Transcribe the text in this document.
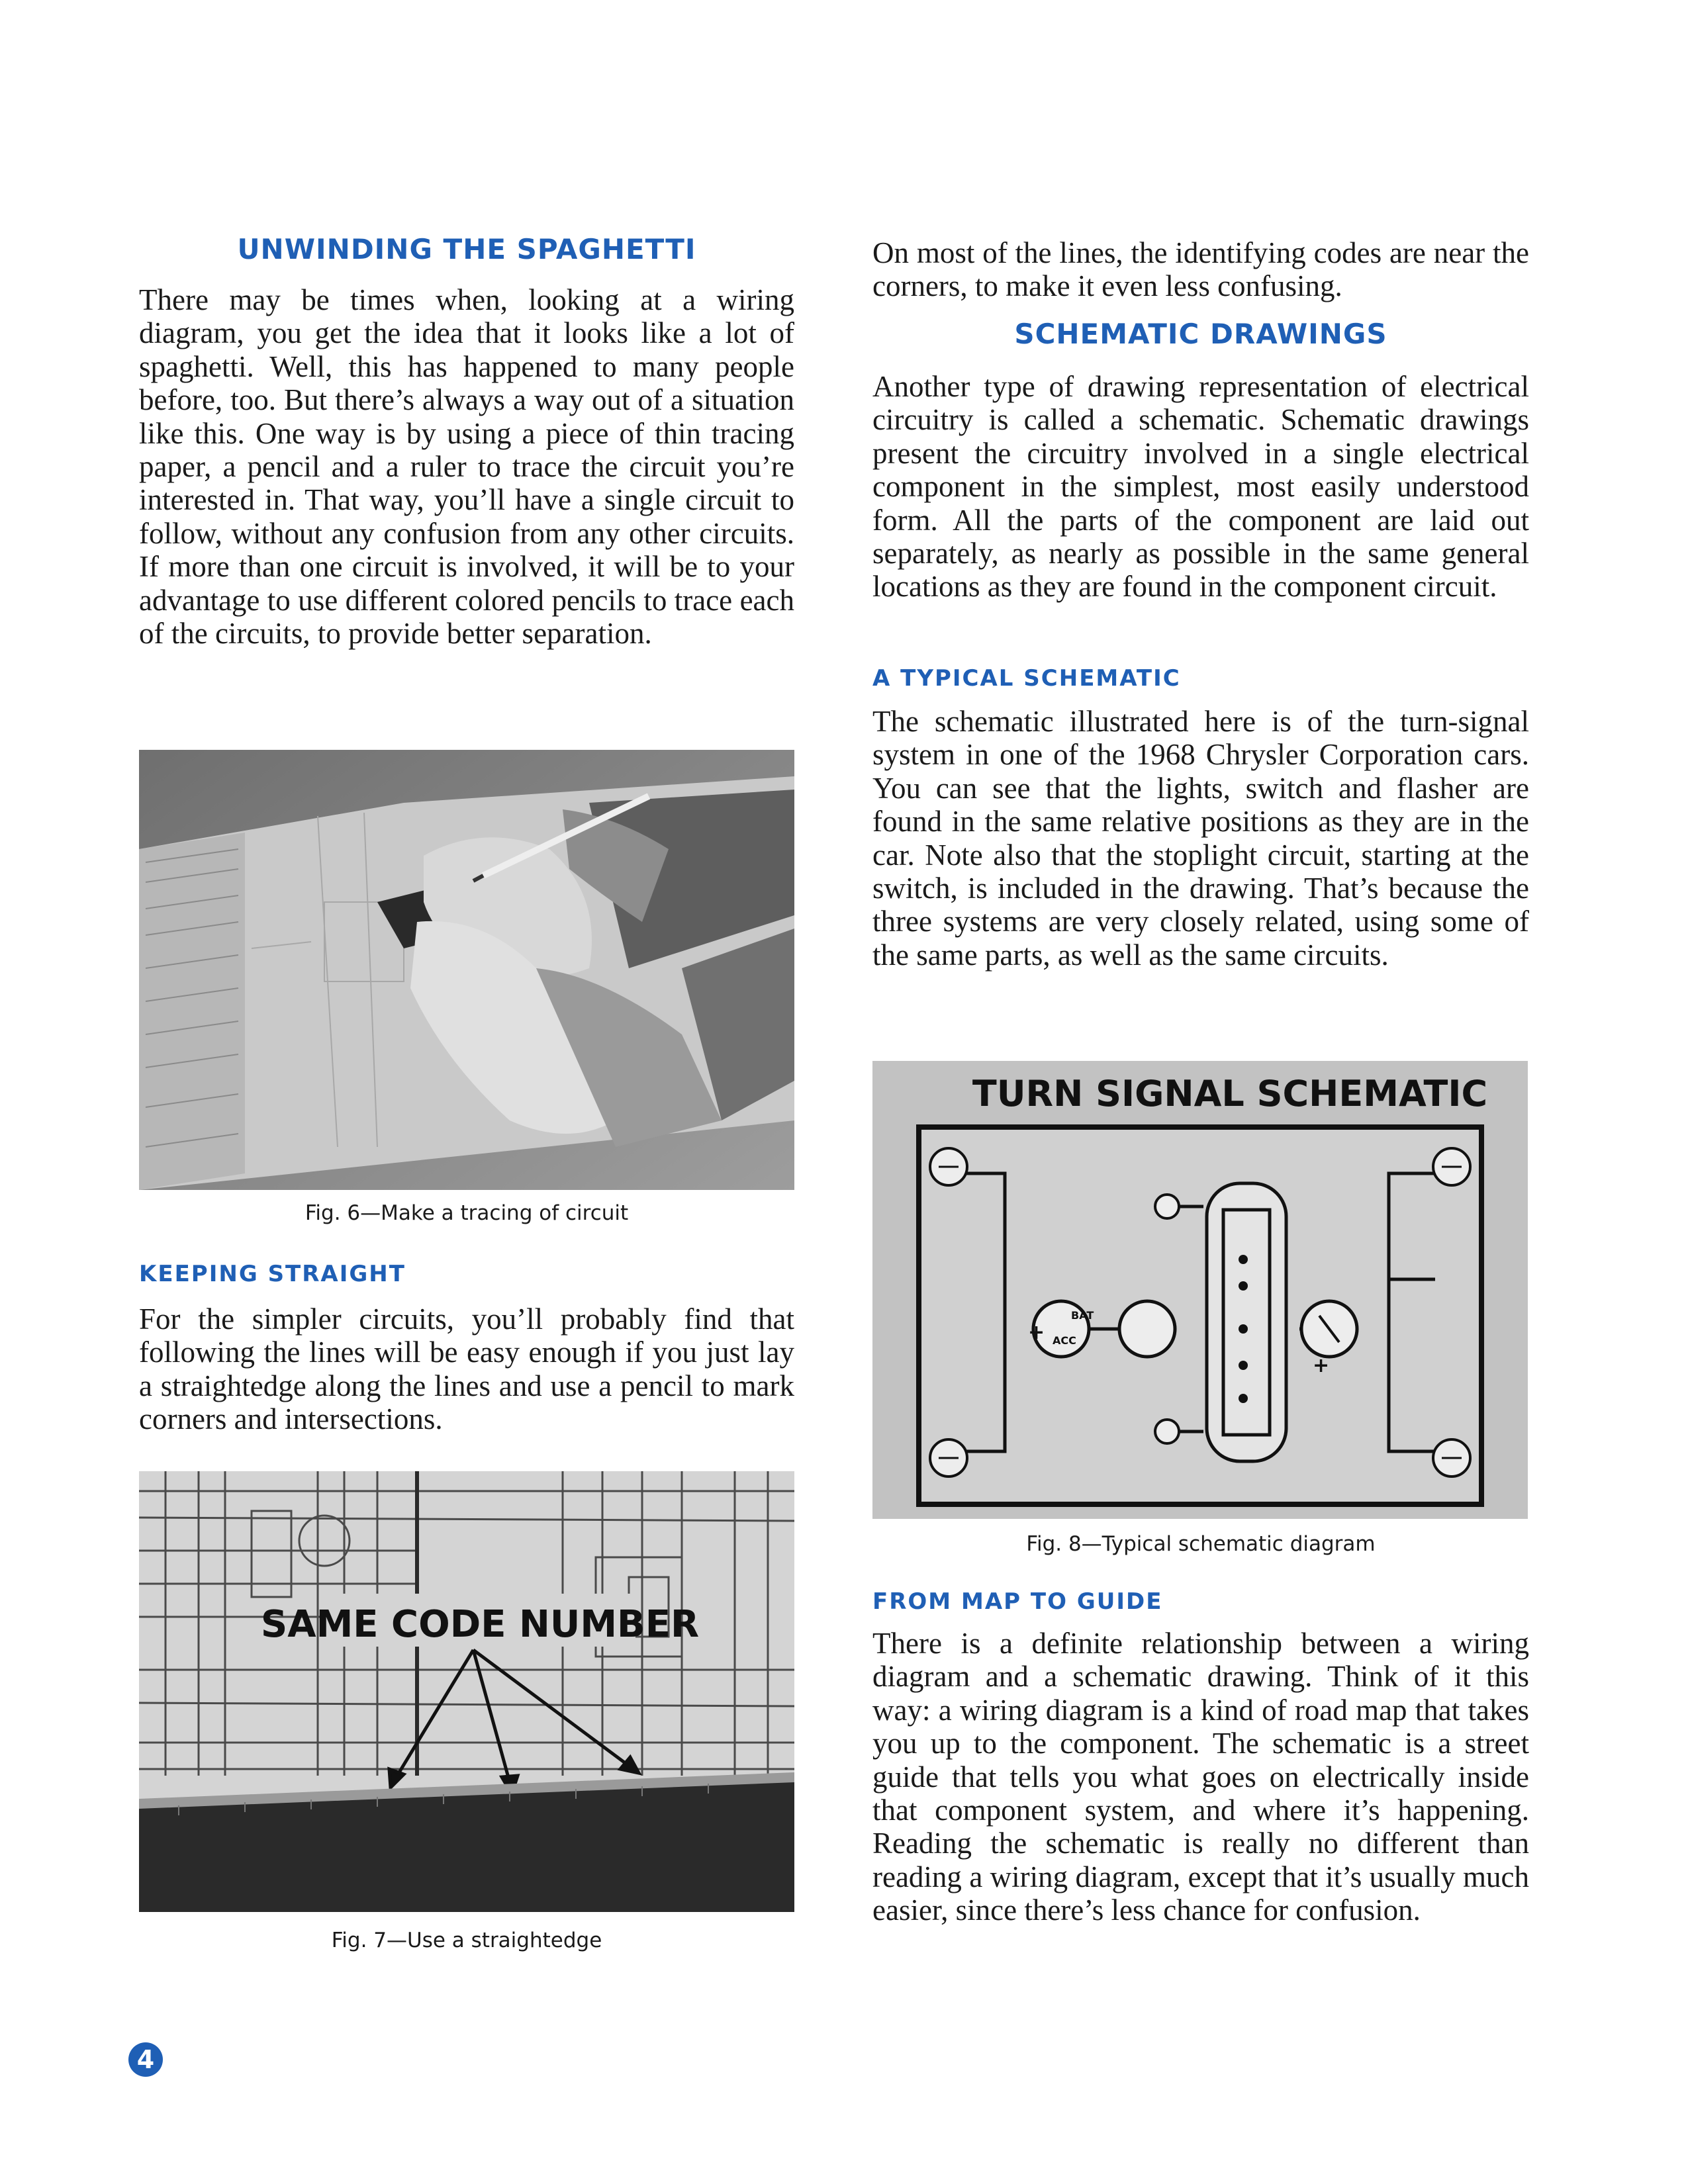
UNWINDING THE SPAGHETTI

There may be times when, looking at a wiring diagram, you get the idea that it looks like a lot of spaghetti. Well, this has happened to many people before, too. But there’s always a way out of a situation like this. One way is by using a piece of thin tracing paper, a pencil and a ruler to trace the circuit you’re interested in. That way, you’ll have a single circuit to follow, without any confusion from any other circuits. If more than one circuit is involved, it will be to your advantage to use different colored pencils to trace each of the circuits, to provide better separation.

Fig. 6—Make a tracing of circuit

KEEPING STRAIGHT

For the simpler circuits, you’ll probably find that following the lines will be easy enough if you just lay a straightedge along the lines and use a pencil to mark corners and intersections.

SAME CODE NUMBER

Fig. 7—Use a straightedge

On most of the lines, the identifying codes are near the corners, to make it even less confusing.

SCHEMATIC DRAWINGS

Another type of drawing representation of electrical circuitry is called a schematic. Schematic drawings present the circuitry involved in a single electrical component in the simplest, most easily understood form. All the parts of the component are laid out separately, as nearly as possible in the same general locations as they are found in the component circuit.

A TYPICAL SCHEMATIC

The schematic illustrated here is of the turn-signal system in one of the 1968 Chrysler Corporation cars. You can see that the lights, switch and flasher are found in the same relative positions as they are in the car. Note also that the stoplight circuit, starting at the switch, is included in the drawing. That’s because the three systems are very closely related, using some of the same parts, as well as the same circuits.

TURN SIGNAL SCHEMATIC
BAT
ACC
+
+

Fig. 8—Typical schematic diagram

FROM MAP TO GUIDE

There is a definite relationship between a wiring diagram and a schematic drawing. Think of it this way: a wiring diagram is a kind of road map that takes you up to the component. The schematic is a street guide that tells you what goes on electrically inside that component system, and where it’s happening. Reading the schematic is really no different than reading a wiring diagram, except that it’s usually much easier, since there’s less chance for confusion.

4
